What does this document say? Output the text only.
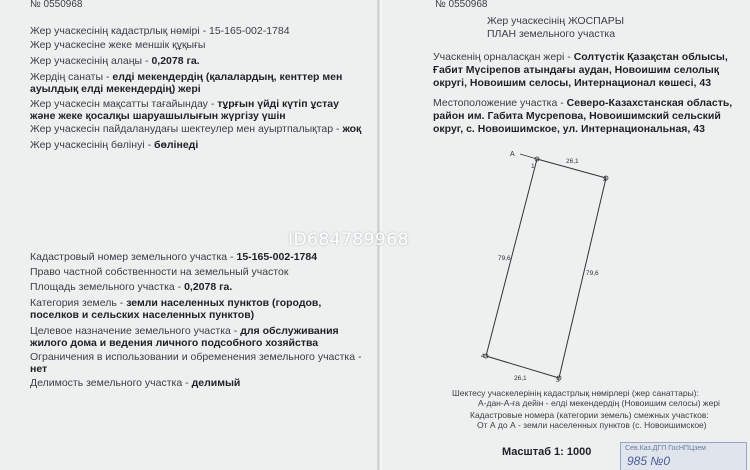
№ 0550968
Жер учаскесінің кадастрлық нөмірі - 15-165-002-1784
Жер учаскесіне жеке меншік құқығы
Жер учаскесінің алаңы - 0,2078 га.
Жердің санаты - елді мекендердің (қалалардың, кенттер мен
ауылдық елді мекендердің) жері
Жер учаскесін мақсатты тағайындау - тұрғын үйді күтіп ұстау
және жеке қосалқы шаруашылығын жүргізу үшін
Жер учаскесін пайдаланудағы шектеулер мен ауыртпалықтар - жоқ
Жер учаскесінің бөлінуі - бөлінеді
ID684789968
Кадастровый номер земельного участка - 15-165-002-1784
Право частной собственности на земельный участок
Площадь земельного участка - 0,2078 га.
Категория земель - земли населенных пунктов (городов,
поселков и сельских населенных пунктов)
Целевое назначение земельного участка - для обслуживания
жилого дома и ведения личного подсобного хозяйства
Ограничения в использовании и обременения земельного участка -
нет
Делимость земельного участка - делимый
№ 0550968
Жер учаскесінің ЖОСПАРЫ
ПЛАН земельного участка
Учаскенің орналасқан жері - Солтүстік Қазақстан облысы,
Ғабит Мүсірепов атындағы аудан, Новоишим селолық
округі, Новоишим селосы, Интернационал көшесі, 43
Местоположение участка - Северо-Казахстанская область,
район им. Габита Мусрепова, Новоишимский сельский
округ, с. Новоишимское, ул. Интернациональная, 43
А
1
2
3
4
26,1
79,6
79,6
26,1
Шектесу учаскелерінің кадастрлық нөмірлері (жер санаттары):
А-дан-А-ға дейін - елді мекендердің (Новоишим селосы) жері
Кадастровые номера (категории земель) смежных участков:
От А до А - земли населенных пунктов (с. Новоишимское)
Масштаб 1: 1000	Сев.Каз.ДГП ГосНПЦзем
985 №0
